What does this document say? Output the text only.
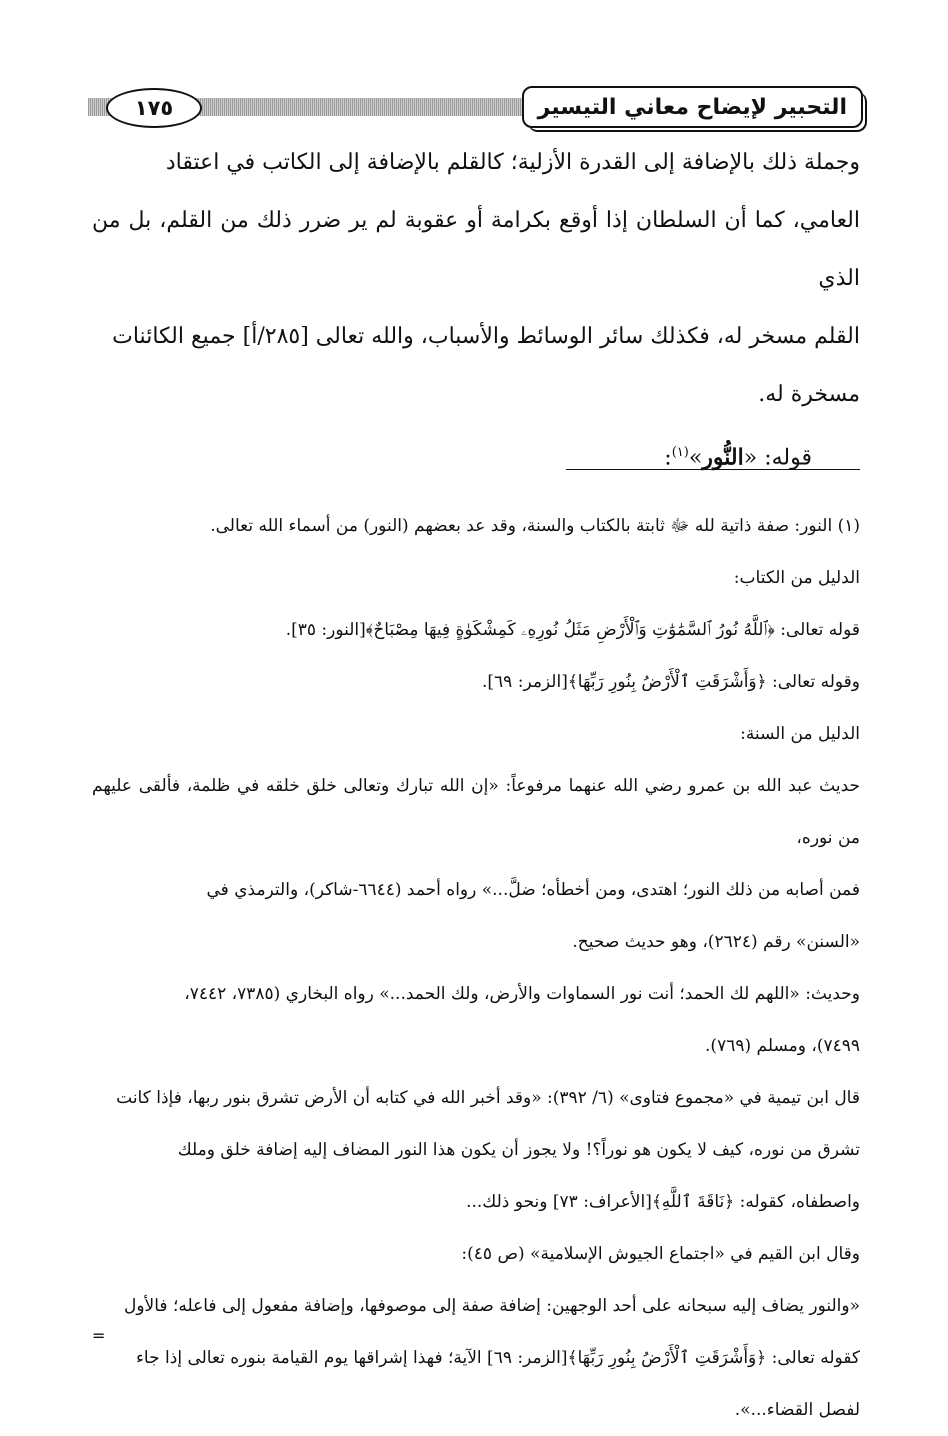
١٧٥	التحبير لإيضاح معاني التيسير

وجملة ذلك بالإضافة إلى القدرة الأزلية؛ كالقلم بالإضافة إلى الكاتب في اعتقاد

العامي، كما أن السلطان إذا أوقع بكرامة أو عقوبة لم ير ضرر ذلك من القلم، بل من الذي

القلم مسخر له، فكذلك سائر الوسائط والأسباب، والله تعالى [٢٨٥/أ] جميع الكائنات

مسخرة له.

قوله: «النُّور»$^{(١)}$:

(١) النور: صفة ذاتية لله ﷻ ثابتة بالكتاب والسنة، وقد عد بعضهم (النور) من أسماء الله تعالى.

الدليل من الكتاب:

قوله تعالى: ﴿ٱللَّهُ نُورُ ٱلسَّمَٰوَٰتِ وَٱلْأَرْضِ مَثَلُ نُورِهِۦ كَمِشْكَوٰةٍ فِيهَا مِصْبَاحٌ﴾[النور: ٣٥].

وقوله تعالى: ﴿وَأَشْرَقَتِ ٱلْأَرْضُ بِنُورِ رَبِّهَا﴾[الزمر: ٦٩].

الدليل من السنة:

حديث عبد الله بن عمرو رضي الله عنهما مرفوعاً: «إن الله تبارك وتعالى خلق خلقه في ظلمة، فألقى عليهم من نوره،

فمن أصابه من ذلك النور؛ اهتدى، ومن أخطأه؛ ضلَّ...» رواه أحمد (٦٦٤٤-شاكر)، والترمذي في

«السنن» رقم (٢٦٢٤)، وهو حديث صحيح.

وحديث: «اللهم لك الحمد؛ أنت نور السماوات والأرض، ولك الحمد...» رواه البخاري (٧٣٨٥، ٧٤٤٢،

٧٤٩٩)، ومسلم (٧٦٩).

قال ابن تيمية في «مجموع فتاوى» (٦/ ٣٩٢): «وقد أخبر الله في كتابه أن الأرض تشرق بنور ربها، فإذا كانت

تشرق من نوره، كيف لا يكون هو نوراً؟! ولا يجوز أن يكون هذا النور المضاف إليه إضافة خلق وملك

واصطفاه، كقوله: ﴿نَاقَةَ ٱللَّهِ﴾[الأعراف: ٧٣] ونحو ذلك...

وقال ابن القيم في «اجتماع الجيوش الإسلامية» (ص ٤٥):

«والنور يضاف إليه سبحانه على أحد الوجهين: إضافة صفة إلى موصوفها، وإضافة مفعول إلى فاعله؛ فالأول

كقوله تعالى: ﴿وَأَشْرَقَتِ ٱلْأَرْضُ بِنُورِ رَبِّهَا﴾[الزمر: ٦٩] الآية؛ فهذا إشراقها يوم القيامة بنوره تعالى إذا جاء

لفصل القضاء...».

=
